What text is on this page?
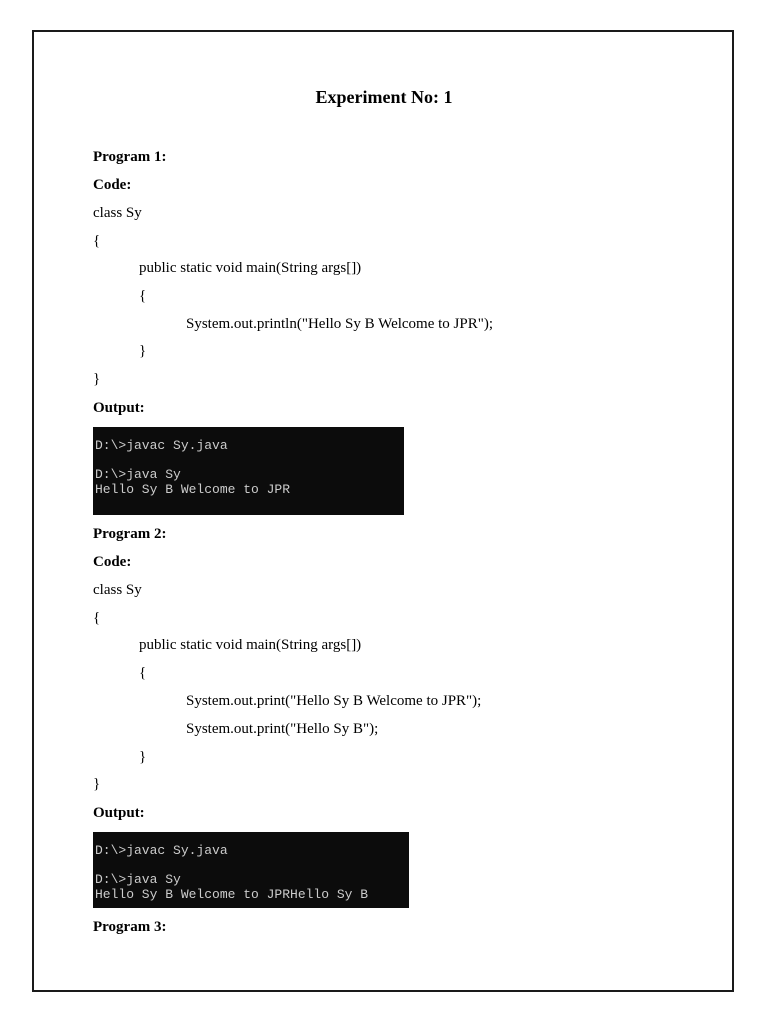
Experiment No: 1
Program 1:
Code:
class Sy
{
public static void main(String args[])
{
System.out.println("Hello Sy B Welcome to JPR");
}
}
Output:
D:\>javac Sy.java
D:\>java Sy
Hello Sy B Welcome to JPR
Program 2:
Code:
class Sy
{
public static void main(String args[])
{
System.out.print("Hello Sy B Welcome to JPR");
System.out.print("Hello Sy B");
}
}
Output:
D:\>javac Sy.java
D:\>java Sy
Hello Sy B Welcome to JPRHello Sy B
Program 3:
